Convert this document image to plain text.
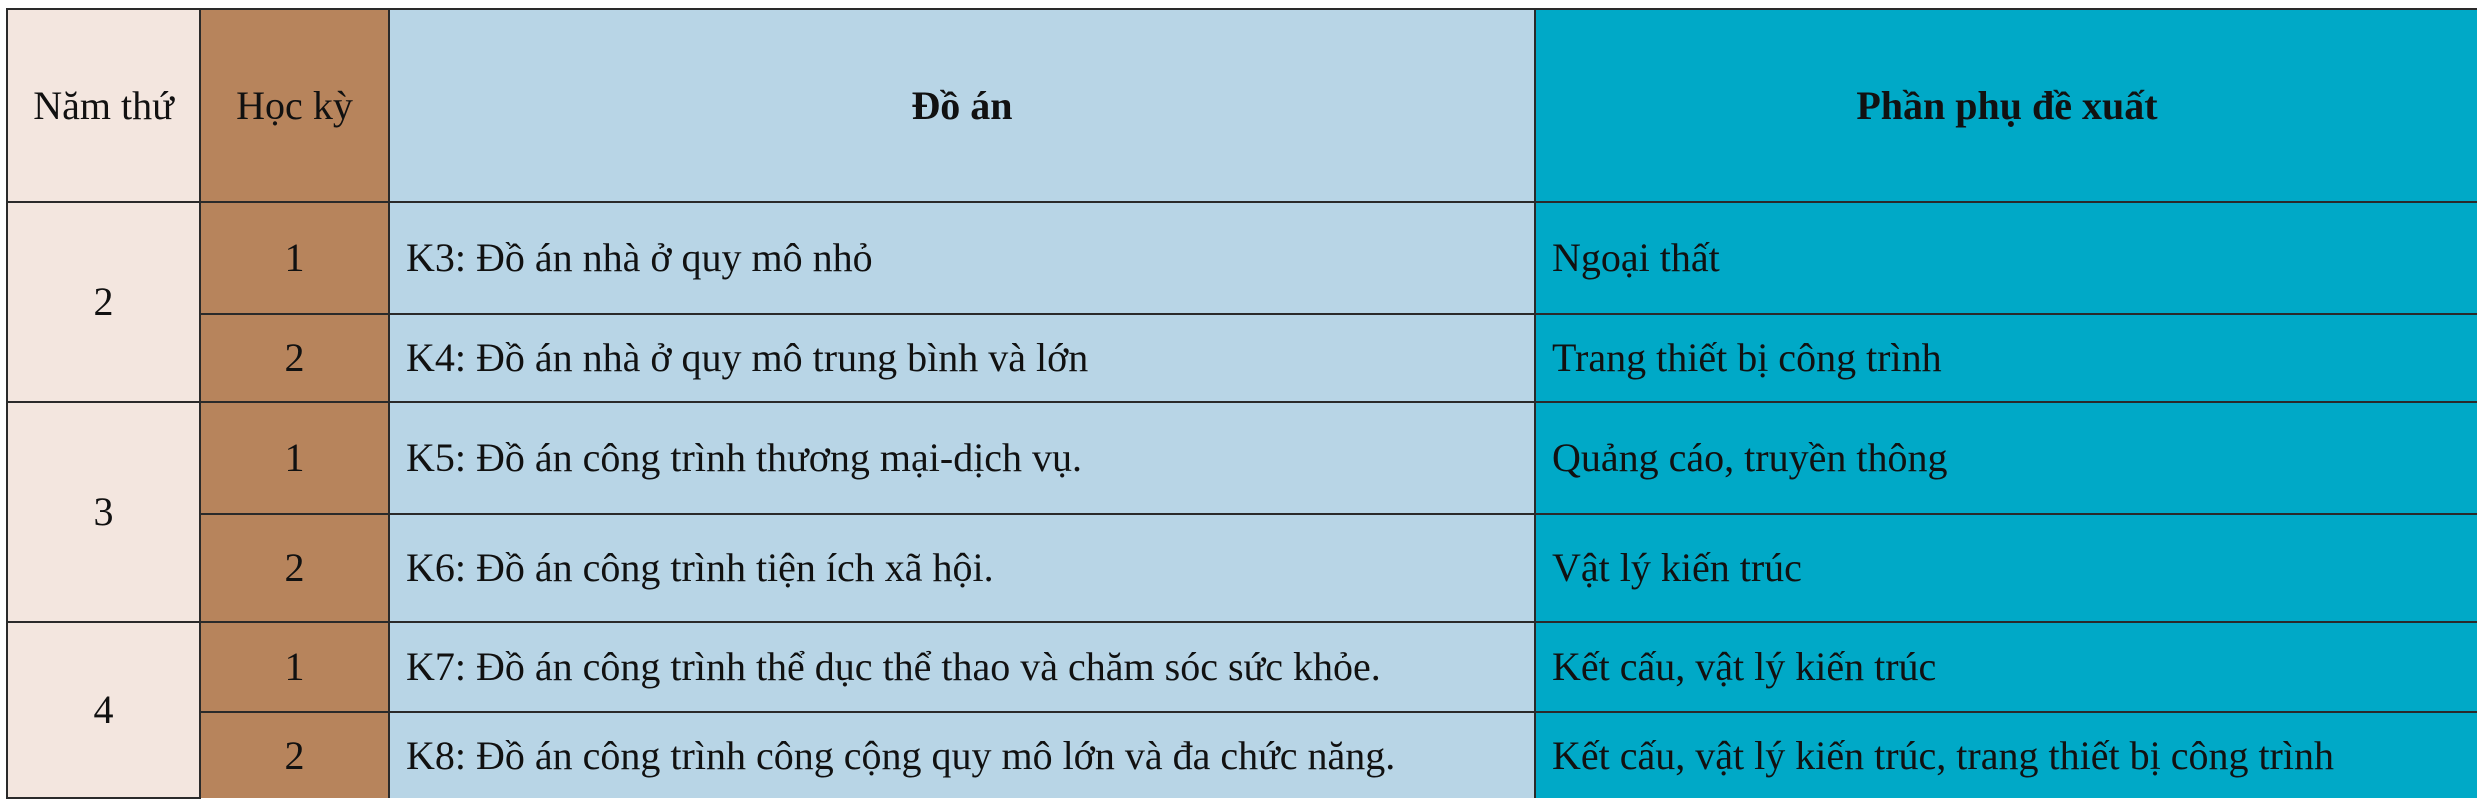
Năm thứ	Học kỳ	Đồ án	Phần phụ đề xuất
2	1	K3: Đồ án nhà ở quy mô nhỏ	Ngoại thất
	2	K4: Đồ án nhà ở quy mô trung bình và lớn	Trang thiết bị công trình
3	1	K5: Đồ án công trình thương mại-dịch vụ.	Quảng cáo, truyền thông
	2	K6: Đồ án công trình tiện ích xã hội.	Vật lý kiến trúc
4	1	K7: Đồ án công trình thể dục thể thao và chăm sóc sức khỏe.	Kết cấu, vật lý kiến trúc
	2	K8: Đồ án công trình công cộng quy mô lớn và đa chức năng.	Kết cấu, vật lý kiến trúc, trang thiết bị công trình
